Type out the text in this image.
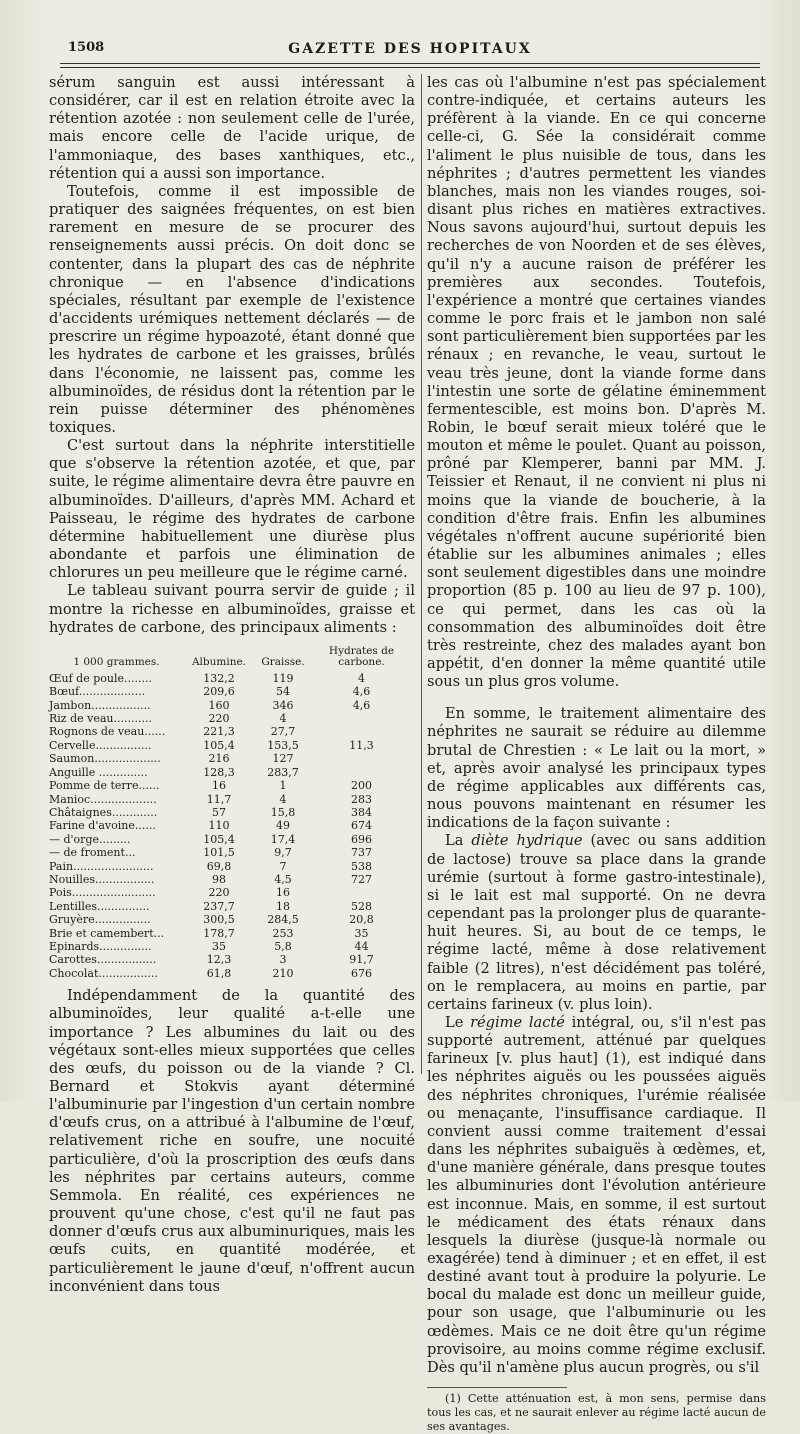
1508	GAZETTE DES HOPITAUX

sérum sanguin est aussi intéressant à considérer, car il est en relation étroite avec la rétention azotée : non seulement celle de l'urée, mais encore celle de l'acide urique, de l'ammoniaque, des bases xanthiques, etc., rétention qui a aussi son importance.

Toutefois, comme il est impossible de pratiquer des saignées fréquentes, on est bien rarement en mesure de se procurer des renseignements aussi précis. On doit donc se contenter, dans la plupart des cas de néphrite chronique — en l'absence d'indications spéciales, résultant par exemple de l'existence d'accidents urémiques nettement déclarés — de prescrire un régime hypoazoté, étant donné que les hydrates de carbone et les graisses, brûlés dans l'économie, ne laissent pas, comme les albuminoïdes, de résidus dont la rétention par le rein puisse déterminer des phénomènes toxiques.

C'est surtout dans la néphrite interstitielle que s'observe la rétention azotée, et que, par suite, le régime alimentaire devra être pauvre en albuminoïdes. D'ailleurs, d'après MM. Achard et Paisseau, le régime des hydrates de carbone détermine habituellement une diurèse plus abondante et parfois une élimination de chlorures un peu meilleure que le régime carné.

Le tableau suivant pourra servir de guide ; il montre la richesse en albuminoïdes, graisse et hydrates de carbone, des principaux aliments :

1 000 grammes.	Albumine.	Graisse.	Hydrates de carbone.
Œuf de poule........	132,2	119	4
Bœuf...................	209,6	54	4,6
Jambon.................	160	346	4,6
Riz de veau...........	220	4	
Rognons de veau......	221,3	27,7	
Cervelle................	105,4	153,5	11,3
Saumon...................	216	127	
Anguille ..............	128,3	283,7	
Pomme de terre......	16	1	200
Manioc...................	11,7	4	283
Châtaignes.............	57	15,8	384
Farine d'avoine......	110	49	674
— d'orge.........	105,4	17,4	696
— de froment...	101,5	9,7	737
Pain.......................	69,8	7	538
Nouilles.................	98	4,5	727
Pois........................	220	16	
Lentilles...............	237,7	18	528
Gruyère................	300,5	284,5	20,8
Brie et camembert...	178,7	253	35
Epinards...............	35	5,8	44
Carottes.................	12,3	3	91,7
Chocolat.................	61,8	210	676

Indépendamment de la quantité des albuminoïdes, leur qualité a-t-elle une importance ? Les albumines du lait ou des végétaux sont-elles mieux supportées que celles des œufs, du poisson ou de la viande ? Cl. Bernard et Stokvis ayant déterminé l'albuminurie par l'ingestion d'un certain nombre d'œufs crus, on a attribué à l'albumine de l'œuf, relativement riche en soufre, une nocuité particulière, d'où la proscription des œufs dans les néphrites par certains auteurs, comme Semmola. En réalité, ces expériences ne prouvent qu'une chose, c'est qu'il ne faut pas donner d'œufs crus aux albuminuriques, mais les œufs cuits, en quantité modérée, et particulièrement le jaune d'œuf, n'offrent aucun inconvénient dans tous

les cas où l'albumine n'est pas spécialement contre-indiquée, et certains auteurs les préfèrent à la viande. En ce qui concerne celle-ci, G. Sée la considérait comme l'aliment le plus nuisible de tous, dans les néphrites ; d'autres permettent les viandes blanches, mais non les viandes rouges, soi-disant plus riches en matières extractives. Nous savons aujourd'hui, surtout depuis les recherches de von Noorden et de ses élèves, qu'il n'y a aucune raison de préférer les premières aux secondes. Toutefois, l'expérience a montré que certaines viandes comme le porc frais et le jambon non salé sont particulièrement bien supportées par les rénaux ; en revanche, le veau, surtout le veau très jeune, dont la viande forme dans l'intestin une sorte de gélatine éminemment fermentescible, est moins bon. D'après M. Robin, le bœuf serait mieux toléré que le mouton et même le poulet. Quant au poisson, prôné par Klemperer, banni par MM. J. Teissier et Renaut, il ne convient ni plus ni moins que la viande de boucherie, à la condition d'être frais. Enfin les albumines végétales n'offrent aucune supériorité bien établie sur les albumines animales ; elles sont seulement digestibles dans une moindre proportion (85 p. 100 au lieu de 97 p. 100), ce qui permet, dans les cas où la consommation des albuminoïdes doit être très restreinte, chez des malades ayant bon appétit, d'en donner la même quantité utile sous un plus gros volume.

En somme, le traitement alimentaire des néphrites ne saurait se réduire au dilemme brutal de Chrestien : « Le lait ou la mort, » et, après avoir analysé les principaux types de régime applicables aux différents cas, nous pouvons maintenant en résumer les indications de la façon suivante :

La diète hydrique (avec ou sans addition de lactose) trouve sa place dans la grande urémie (surtout à forme gastro-intestinale), si le lait est mal supporté. On ne devra cependant pas la prolonger plus de quarante-huit heures. Si, au bout de ce temps, le régime lacté, même à dose relativement faible (2 litres), n'est décidément pas toléré, on le remplacera, au moins en partie, par certains farineux (v. plus loin).

Le régime lacté intégral, ou, s'il n'est pas supporté autrement, atténué par quelques farineux [v. plus haut] (1), est indiqué dans les néphrites aiguës ou les poussées aiguës des néphrites chroniques, l'urémie réalisée ou menaçante, l'insuffisance cardiaque. Il convient aussi comme traitement d'essai dans les néphrites subaiguës à œdèmes, et, d'une manière générale, dans presque toutes les albuminuries dont l'évolution antérieure est inconnue. Mais, en somme, il est surtout le médicament des états rénaux dans lesquels la diurèse (jusque-là normale ou exagérée) tend à diminuer ; et en effet, il est destiné avant tout à produire la polyurie. Le bocal du malade est donc un meilleur guide, pour son usage, que l'albuminurie ou les œdèmes. Mais ce ne doit être qu'un régime provisoire, au moins comme régime exclusif. Dès qu'il n'amène plus aucun progrès, ou s'il

(1) Cette atténuation est, à mon sens, permise dans tous les cas, et ne saurait enlever au régime lacté aucun de ses avantages.
